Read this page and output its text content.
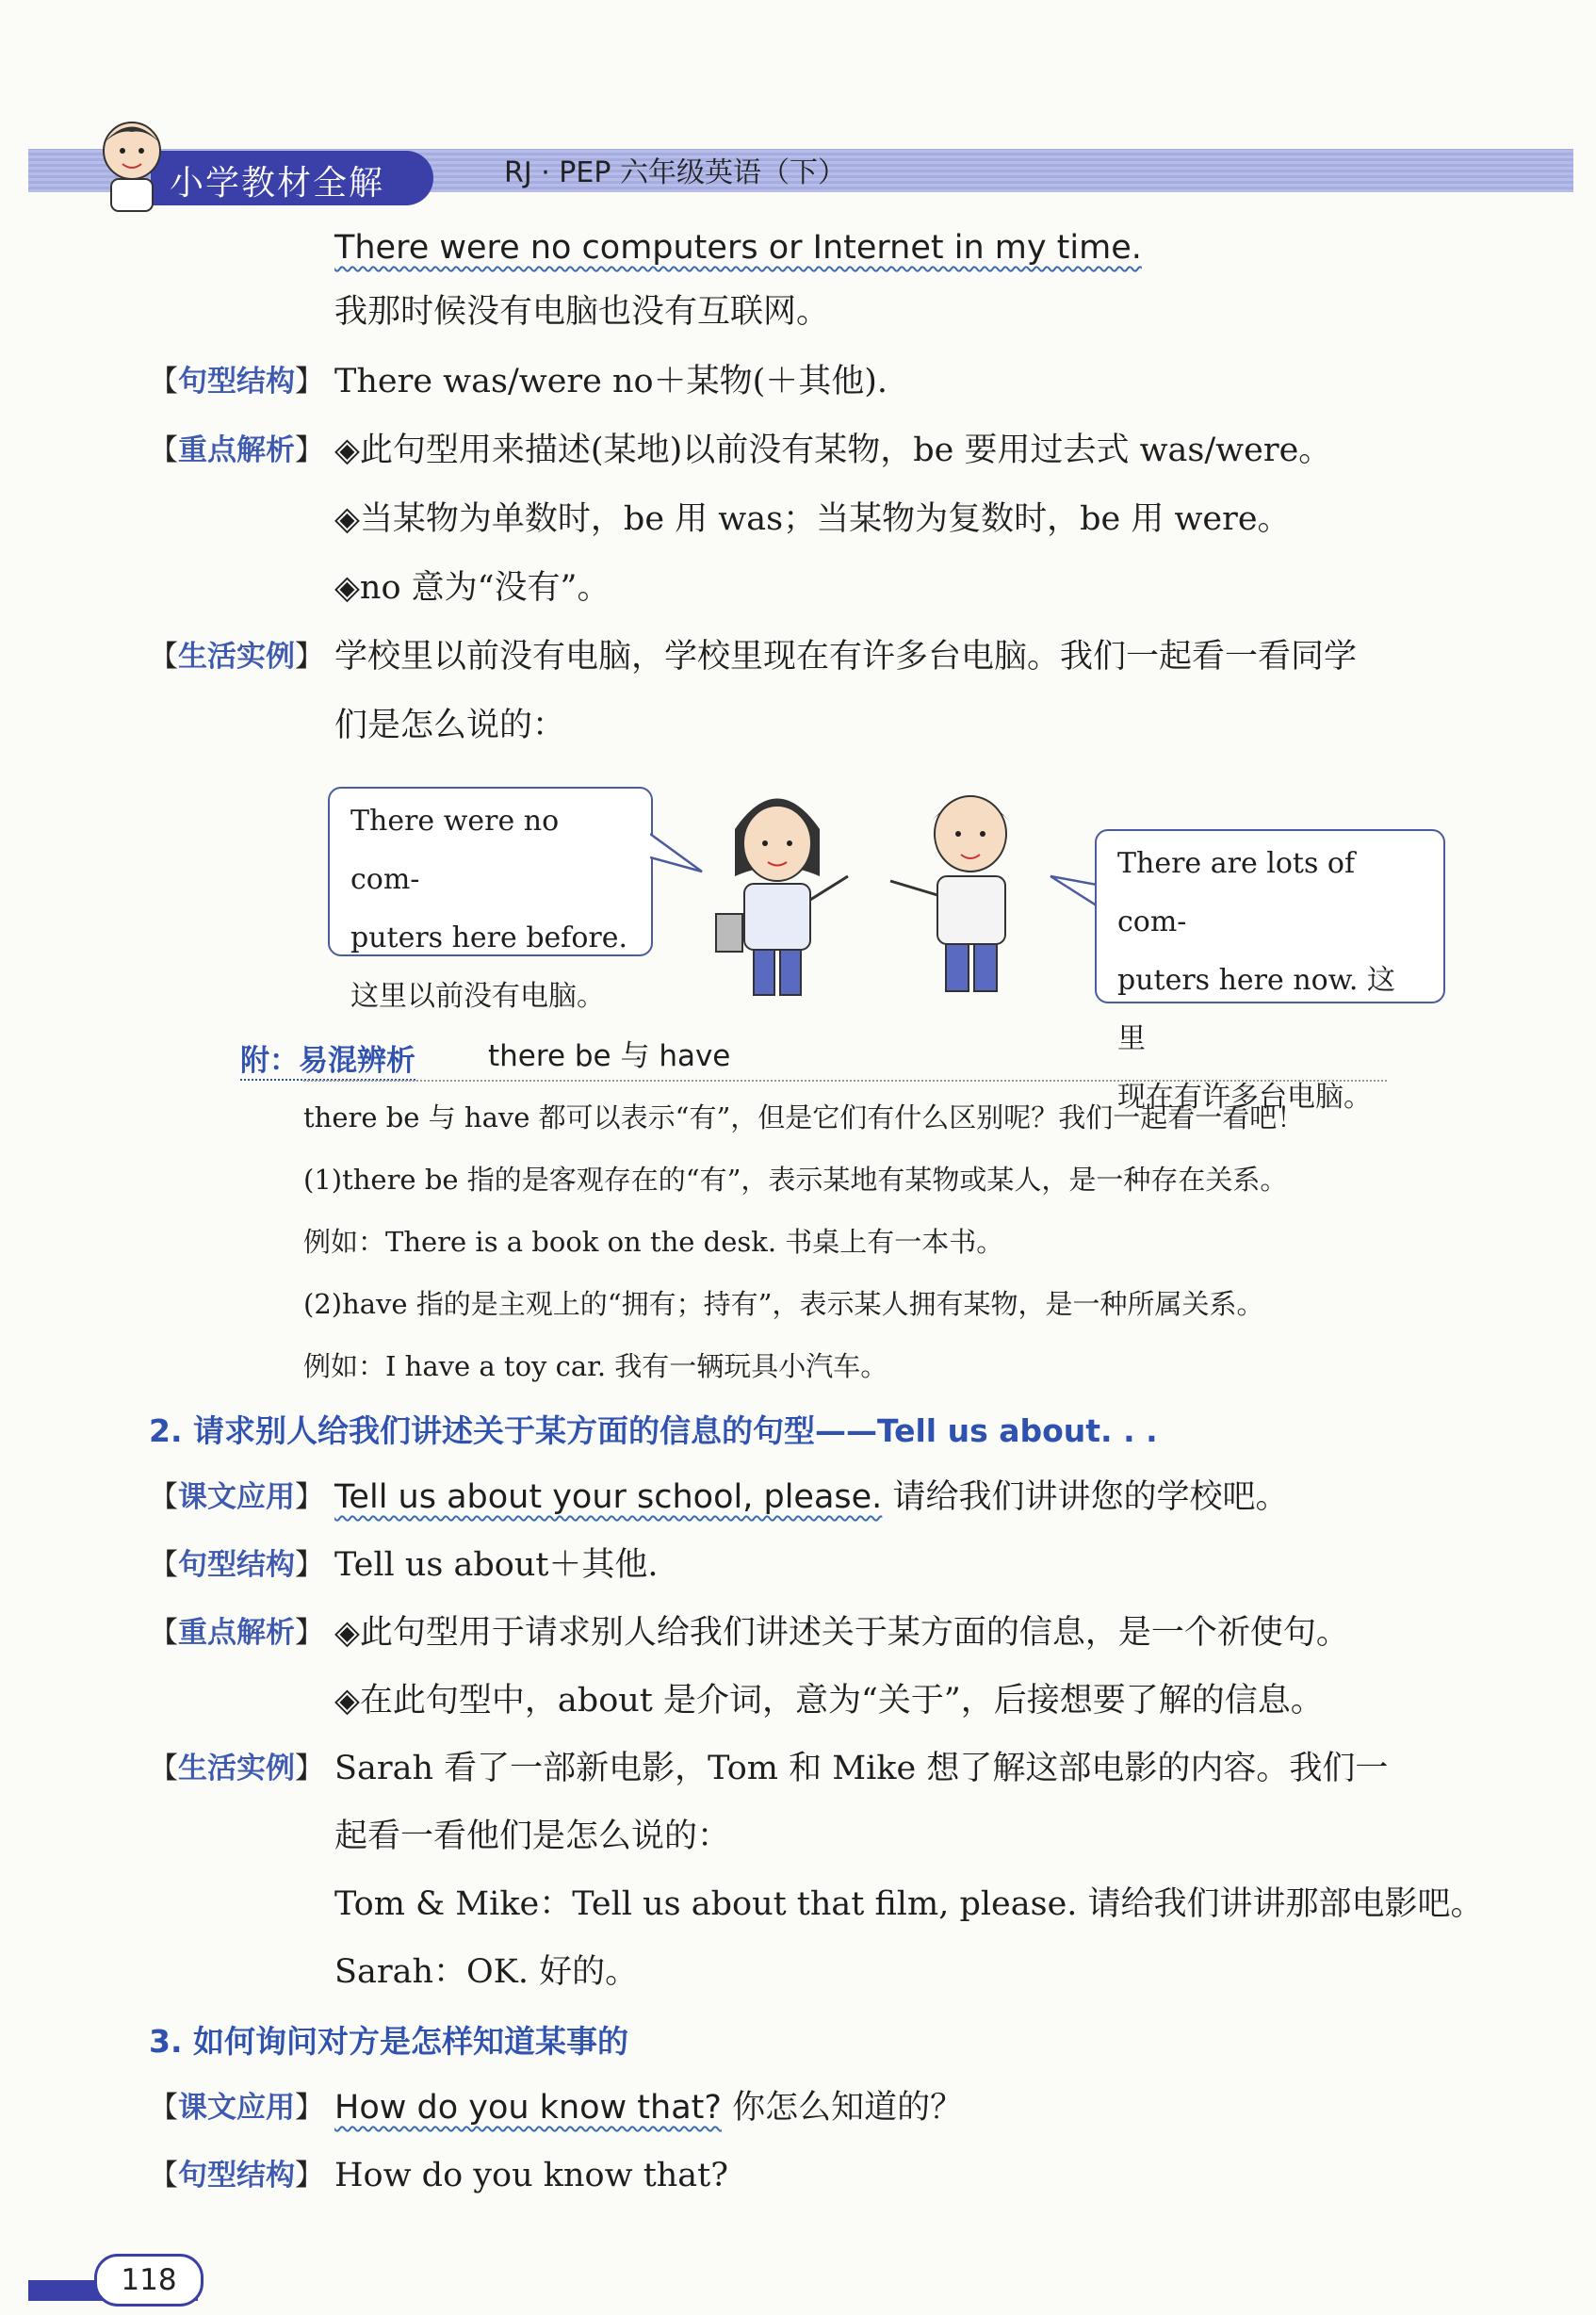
小学教材全解	RJ · PEP 六年级英语（下）
There were no computers or Internet in my time.
我那时候没有电脑也没有互联网。
【句型结构】 There was/were no＋某物(＋其他).
【重点解析】 ◈此句型用来描述(某地)以前没有某物，be 要用过去式 was/were。
◈当某物为单数时，be 用 was；当某物为复数时，be 用 were。
◈no 意为“没有”。
【生活实例】 学校里以前没有电脑，学校里现在有许多台电脑。我们一起看一看同学
们是怎么说的：
There were no com-
puters here before.
这里以前没有电脑。
There are lots of com-
puters here now. 这里
现在有许多台电脑。
附：易混辨析 there be 与 have
there be 与 have 都可以表示“有”，但是它们有什么区别呢？我们一起看一看吧！
(1)there be 指的是客观存在的“有”，表示某地有某物或某人，是一种存在关系。
例如：There is a book on the desk. 书桌上有一本书。
(2)have 指的是主观上的“拥有；持有”，表示某人拥有某物，是一种所属关系。
例如：I have a toy car. 我有一辆玩具小汽车。
2. 请求别人给我们讲述关于某方面的信息的句型——Tell us about. . .
【课文应用】 Tell us about your school, please. 请给我们讲讲您的学校吧。
【句型结构】 Tell us about＋其他.
【重点解析】 ◈此句型用于请求别人给我们讲述关于某方面的信息，是一个祈使句。
◈在此句型中，about 是介词，意为“关于”，后接想要了解的信息。
【生活实例】 Sarah 看了一部新电影，Tom 和 Mike 想了解这部电影的内容。我们一
起看一看他们是怎么说的：
Tom & Mike：Tell us about that film, please. 请给我们讲讲那部电影吧。
Sarah：OK. 好的。
3. 如何询问对方是怎样知道某事的
【课文应用】 How do you know that? 你怎么知道的？
【句型结构】 How do you know that?
118
